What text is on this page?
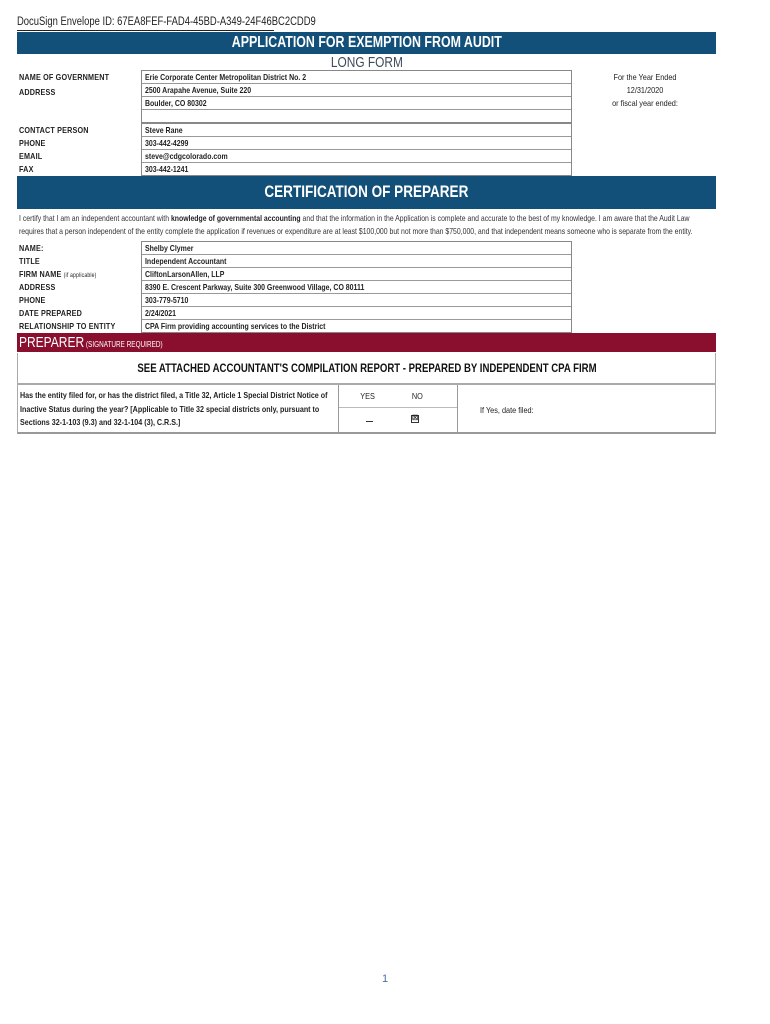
DocuSign Envelope ID: 67EA8FEF-FAD4-45BD-A349-24F46BC2CDD9
APPLICATION FOR EXEMPTION FROM AUDIT
LONG FORM
NAME OF GOVERNMENT
ADDRESS
Erie Corporate Center Metropolitan District No. 2
2500 Arapahe Avenue, Suite 220
Boulder, CO 80302
For the Year Ended
12/31/2020
or fiscal year ended:
CONTACT PERSON
PHONE
EMAIL
FAX
Steve Rane
303-442-4299
steve@cdgcolorado.com
303-442-1241
CERTIFICATION OF PREPARER
I certify that I am an independent accountant with knowledge of governmental accounting and that the information in the Application is complete and accurate to the best of my knowledge. I am aware that the Audit Law requires that a person independent of the entity complete the application if revenues or expenditure are at least $100,000 but not more than $750,000, and that independent means someone who is separate from the entity.
NAME:
TITLE
FIRM NAME (if applicable)
ADDRESS
PHONE
DATE PREPARED
RELATIONSHIP TO ENTITY
Shelby Clymer
Independent Accountant
CliftonLarsonAllen, LLP
8390 E. Crescent Parkway, Suite 300 Greenwood Village, CO 80111
303-779-5710
2/24/2021
CPA Firm providing accounting services to the District
PREPARER (SIGNATURE REQUIRED)
SEE ATTACHED ACCOUNTANT'S COMPILATION REPORT - PREPARED BY INDEPENDENT CPA FIRM
Has the entity filed for, or has the district filed, a Title 32, Article 1 Special District Notice of Inactive Status during the year? [Applicable to Title 32 special districts only, pursuant to Sections 32-1-103 (9.3) and 32-1-104 (3), C.R.S.]
YES	NO
☒
If Yes, date filed:
1
